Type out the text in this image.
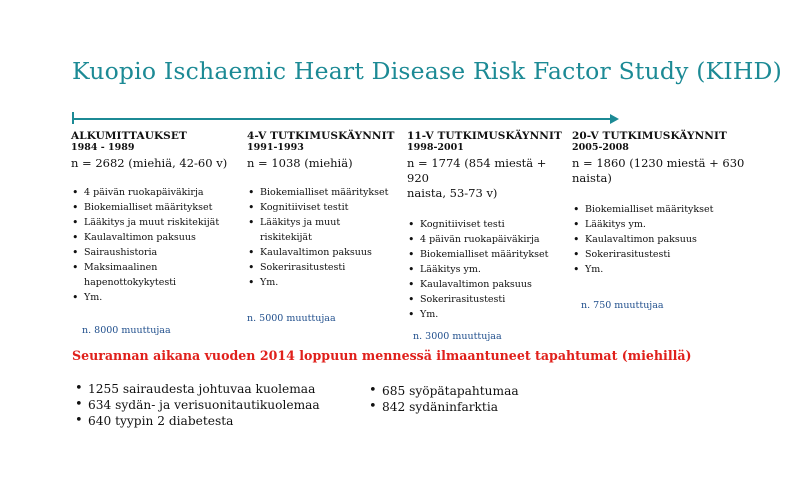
Kuopio Ischaemic Heart Disease Risk Factor Study (KIHD)
ALKUMITTAUKSET
1984 - 1989
n = 2682 (miehiä, 42-60 v)
• 4 päivän ruokapäiväkirja
• Biokemialliset määritykset
• Lääkitys ja muut riskitekijät
• Kaulavaltimon paksuus
• Sairaushistoria
• Maksimaalinen hapenottokykytesti
• Ym.
n. 8000 muuttujaa
4-V TUTKIMUSKÄYNNIT
1991-1993
n = 1038 (miehiä)
• Biokemialliset määritykset
• Kognitiiviset testit
• Lääkitys ja muut riskitekijät
• Kaulavaltimon paksuus
• Sokerirasitustesti
• Ym.
n. 5000 muuttujaa
11-V TUTKIMUSKÄYNNIT
1998-2001
n = 1774 (854 miestä + 920
naista, 53-73 v)
• Kognitiiviset testi
• 4 päivän ruokapäiväkirja
• Biokemialliset määritykset
• Lääkitys ym.
• Kaulavaltimon paksuus
• Sokerirasitustesti
• Ym.
n. 3000 muuttujaa
20-V TUTKIMUSKÄYNNIT
2005-2008
n = 1860 (1230 miestä + 630
naista)
• Biokemialliset määritykset
• Lääkitys ym.
• Kaulavaltimon paksuus
• Sokerirasitustesti
• Ym.
n. 750 muuttujaa
Seurannan aikana vuoden 2014 loppuun mennessä ilmaantuneet tapahtumat (miehillä)
• 1255 sairaudesta johtuvaa kuolemaa
• 634 sydän- ja verisuonitautikuolemaa
• 640 tyypin 2 diabetesta
• 685 syöpätapahtumaa
• 842 sydäninfarktia
